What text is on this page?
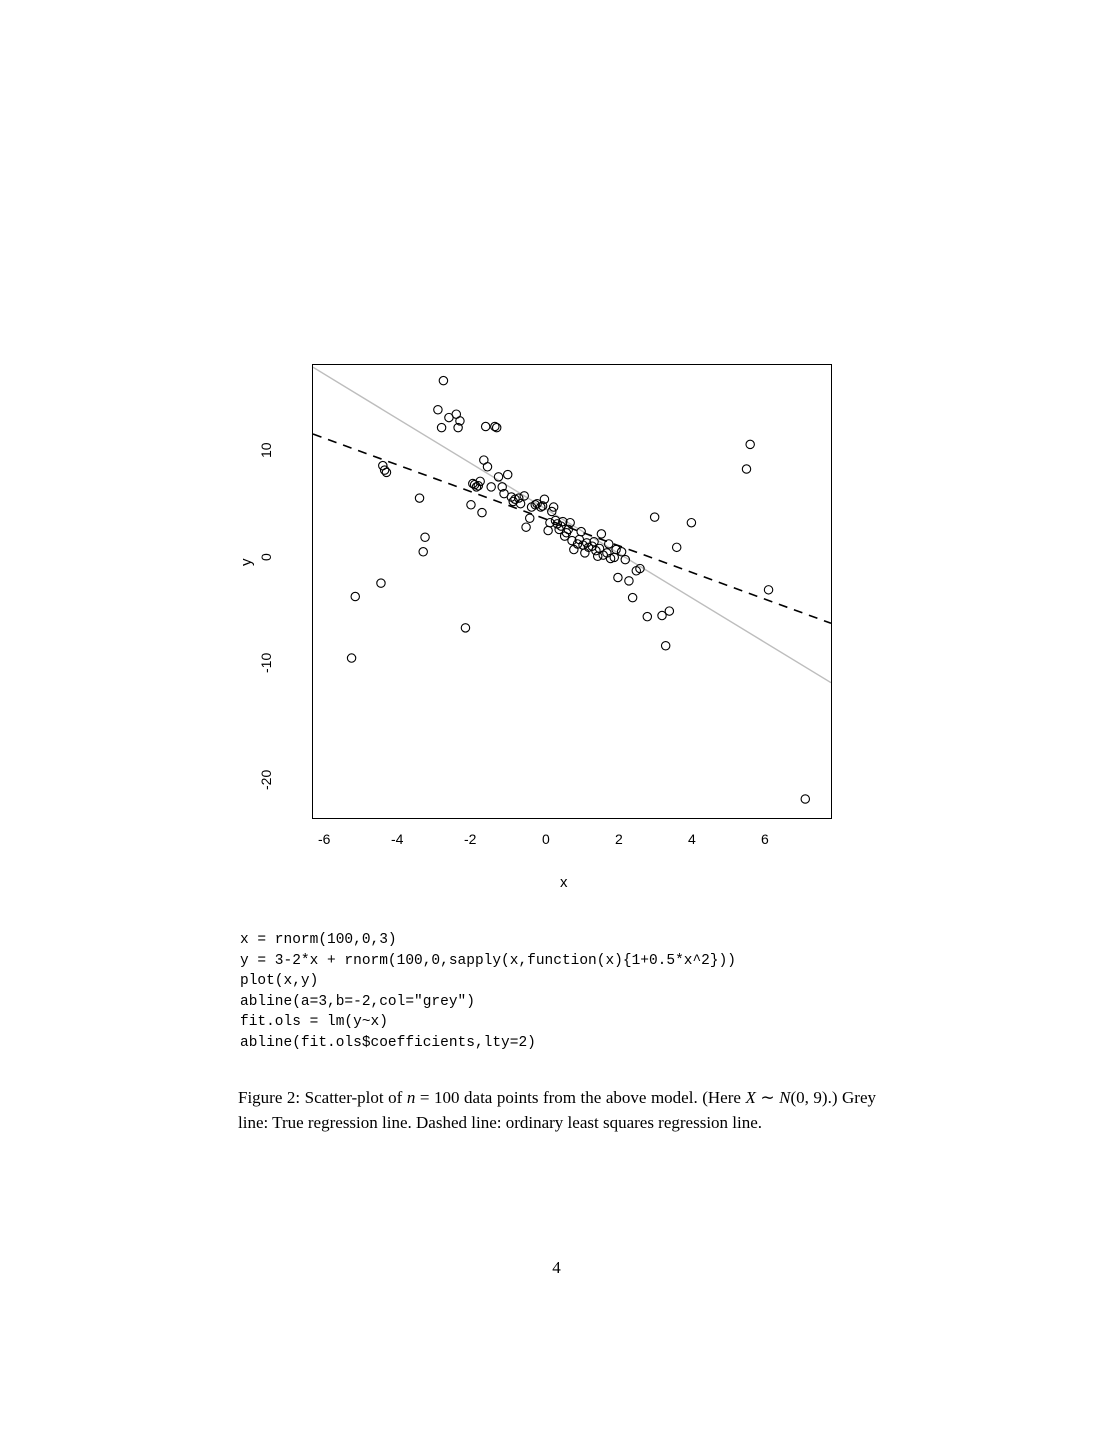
y
-20
-10
0
10
-6	-4	-2	0	2	4	6
x
x = rnorm(100,0,3)
y = 3-2*x + rnorm(100,0,sapply(x,function(x){1+0.5*x^2}))
plot(x,y)
abline(a=3,b=-2,col="grey")
fit.ols = lm(y~x)
abline(fit.ols$coefficients,lty=2)
Figure 2: Scatter-plot of n = 100 data points from the above model. (Here X ∼ N(0, 9).) Grey line: True regression line. Dashed line: ordinary least squares regression line.
4
